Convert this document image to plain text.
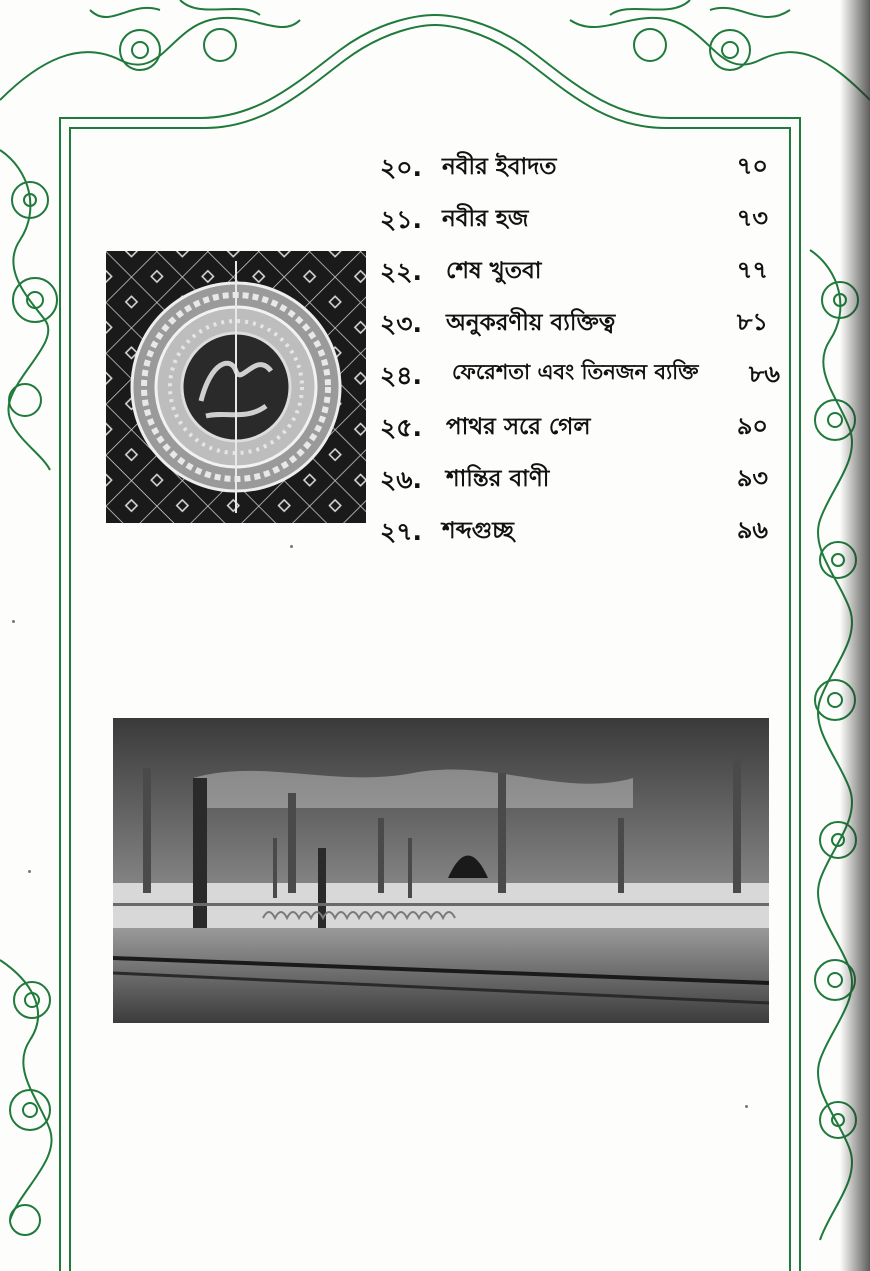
২০. নবীর ইবাদত	৭০
২১. নবীর হজ	৭৩
২২. শেষ খুতবা	৭৭
২৩. অনুকরণীয় ব্যক্তিত্ব	৮১
২৪. ফেরেশতা এবং তিনজন ব্যক্তি ৮৬
২৫. পাথর সরে গেল	৯০
২৬. শান্তির বাণী	৯৩
২৭. শব্দগুচ্ছ	৯৬
